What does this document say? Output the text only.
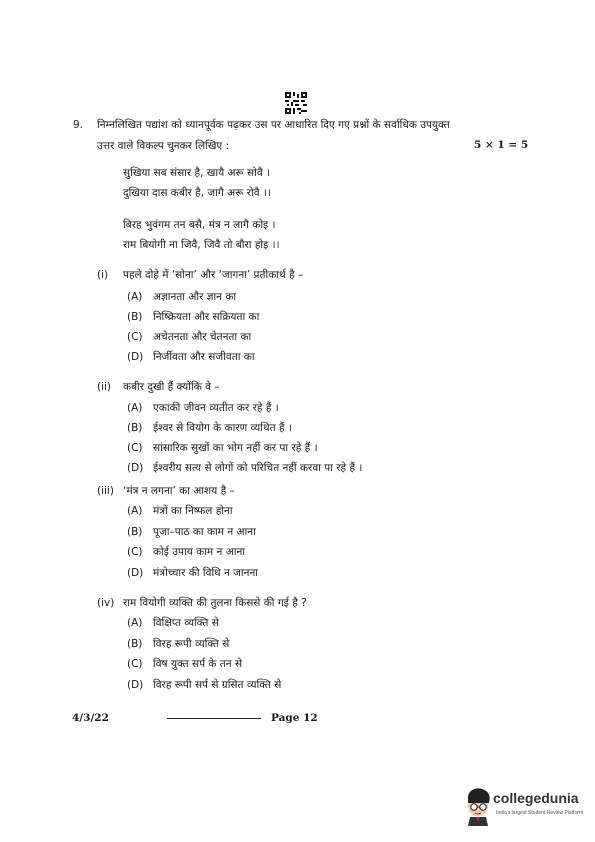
9. निम्नलिखित पद्यांश को ध्यानपूर्वक पढ़कर उस पर आधारित दिए गए प्रश्नों के सर्वाधिक उपयुक्त
उत्तर वाले विकल्प चुनकर लिखिए :	5 × 1 = 5
सुखिया सब संसार है, खायै अरू सोवै ।
दुखिया दास कबीर है, जागै अरू रोवै ।।
बिरह भुवंगम तन बसै, मंत्र न लागै कोइ ।
राम बियोगी ना जिवै, जिवै तो बौरा होइ ।।
(i) पहले दोहे में ‘सोना’ और ‘जागना’ प्रतीकार्थ है –
(A) अज्ञानता और ज्ञान का
(B) निष्क्रियता और सक्रियता का
(C) अचेतनता और चेतनता का
(D) निर्जीवता और सजीवता का
(ii) कबीर दुखी हैं क्योंकि वे –
(A) एकाकी जीवन व्यतीत कर रहे हैं ।
(B) ईश्वर से वियोग के कारण व्यथित हैं ।
(C) सांसारिक सुखों का भोग नहीं कर पा रहे हैं ।
(D) ईश्वरीय सत्य से लोगों को परिचित नहीं करवा पा रहे हैं ।
(iii) ‘मंत्र न लगना’ का आशय है –
(A) मंत्रों का निष्फल होना
(B) पूजा–पाठ का काम न आना
(C) कोई उपाय काम न आना
(D) मंत्रोच्चार की विधि न जानना
(iv) राम वियोगी व्यक्ति की तुलना किससे की गई है ?
(A) विक्षिप्त व्यक्ति से
(B) विरह रूपी व्यक्ति से
(C) विष युक्त सर्प के तन से
(D) विरह रूपी सर्प से ग्रसित व्यक्ति से
4/3/22	Page 12
collegedunia
India's largest Student Review Platform
